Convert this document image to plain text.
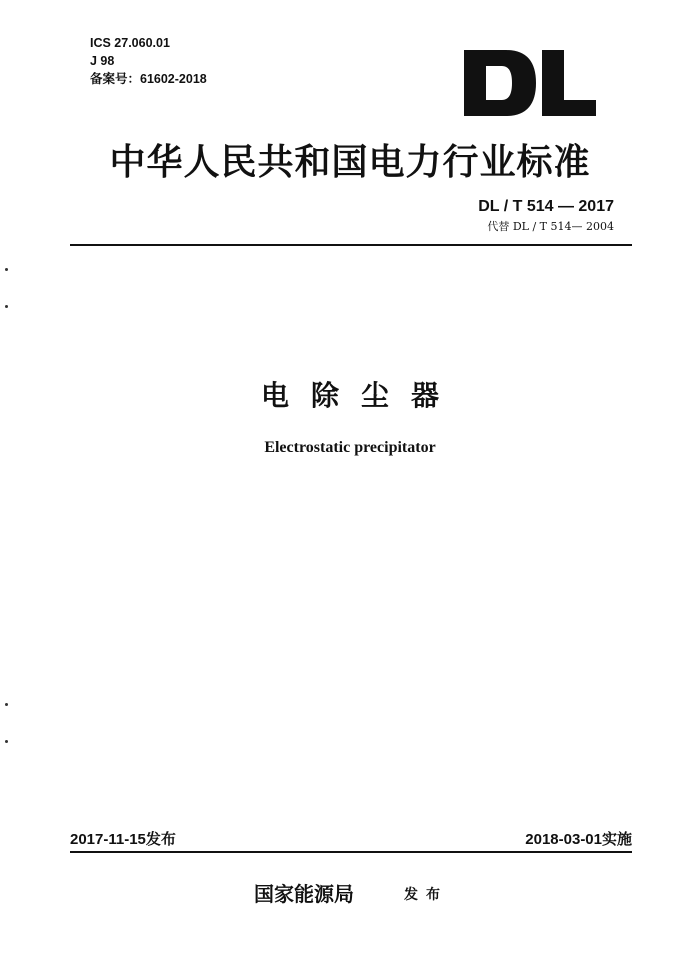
ICS 27.060.01
J 98
备案号：61602-2018
中华人民共和国电力行业标准
DL / T 514 — 2017
代替 DL / T 514— 2004
电除尘器
Electrostatic precipitator
2017-11-15发布	2018-03-01实施
国家能源局	发布
